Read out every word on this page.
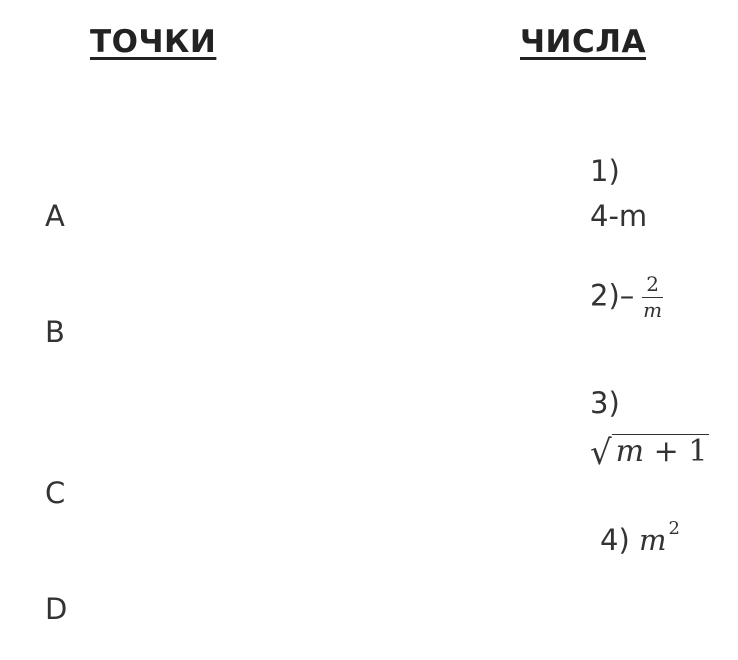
ТОЧКИ	ЧИСЛА
A
B
C
D
1)
4-m
$2)- \frac{2}{m}$
3)
√ m + 1
4) m $^2$
